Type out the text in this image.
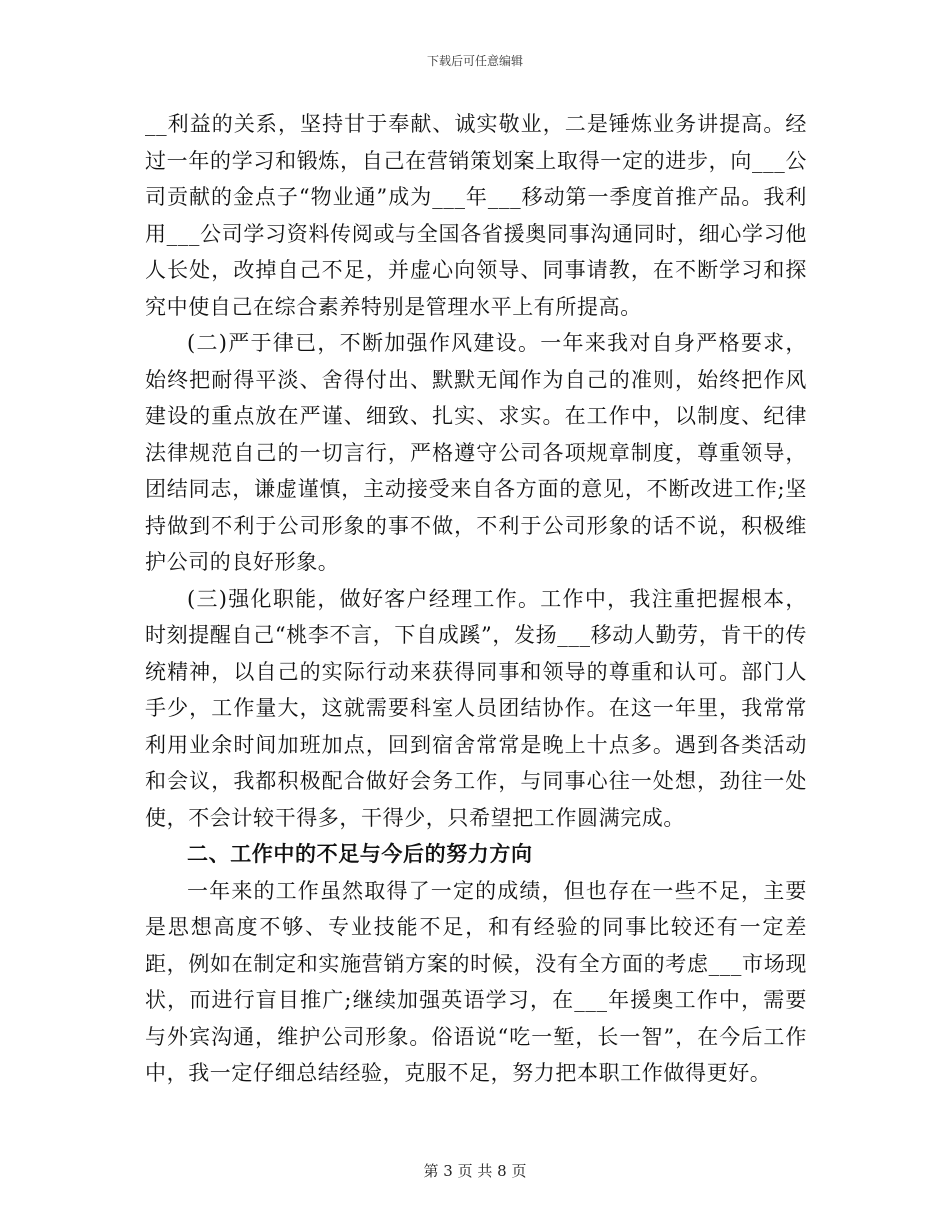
下载后可任意编辑

__利益的关系，坚持甘于奉献、诚实敬业，二是锤炼业务讲提高。经过一年的学习和锻炼，自己在营销策划案上取得一定的进步，向___公司贡献的金点子“物业通”成为___年___移动第一季度首推产品。我利用___公司学习资料传阅或与全国各省援奥同事沟通同时，细心学习他人长处，改掉自己不足，并虚心向领导、同事请教，在不断学习和探究中使自己在综合素养特别是管理水平上有所提高。

(二)严于律已，不断加强作风建设。一年来我对自身严格要求，始终把耐得平淡、舍得付出、默默无闻作为自己的准则，始终把作风建设的重点放在严谨、细致、扎实、求实。在工作中，以制度、纪律法律规范自己的一切言行，严格遵守公司各项规章制度，尊重领导，团结同志，谦虚谨慎，主动接受来自各方面的意见，不断改进工作;坚持做到不利于公司形象的事不做，不利于公司形象的话不说，积极维护公司的良好形象。

(三)强化职能，做好客户经理工作。工作中，我注重把握根本，时刻提醒自己“桃李不言，下自成蹊”，发扬___移动人勤劳，肯干的传统精神，以自己的实际行动来获得同事和领导的尊重和认可。部门人手少，工作量大，这就需要科室人员团结协作。在这一年里，我常常利用业余时间加班加点，回到宿舍常常是晚上十点多。遇到各类活动和会议，我都积极配合做好会务工作，与同事心往一处想，劲往一处使，不会计较干得多，干得少，只希望把工作圆满完成。

二、工作中的不足与今后的努力方向

一年来的工作虽然取得了一定的成绩，但也存在一些不足，主要是思想高度不够、专业技能不足，和有经验的同事比较还有一定差距，例如在制定和实施营销方案的时候，没有全方面的考虑___市场现状，而进行盲目推广;继续加强英语学习，在___年援奥工作中，需要与外宾沟通，维护公司形象。俗语说“吃一堑，长一智”，在今后工作中，我一定仔细总结经验，克服不足，努力把本职工作做得更好。

第 3 页 共 8 页
